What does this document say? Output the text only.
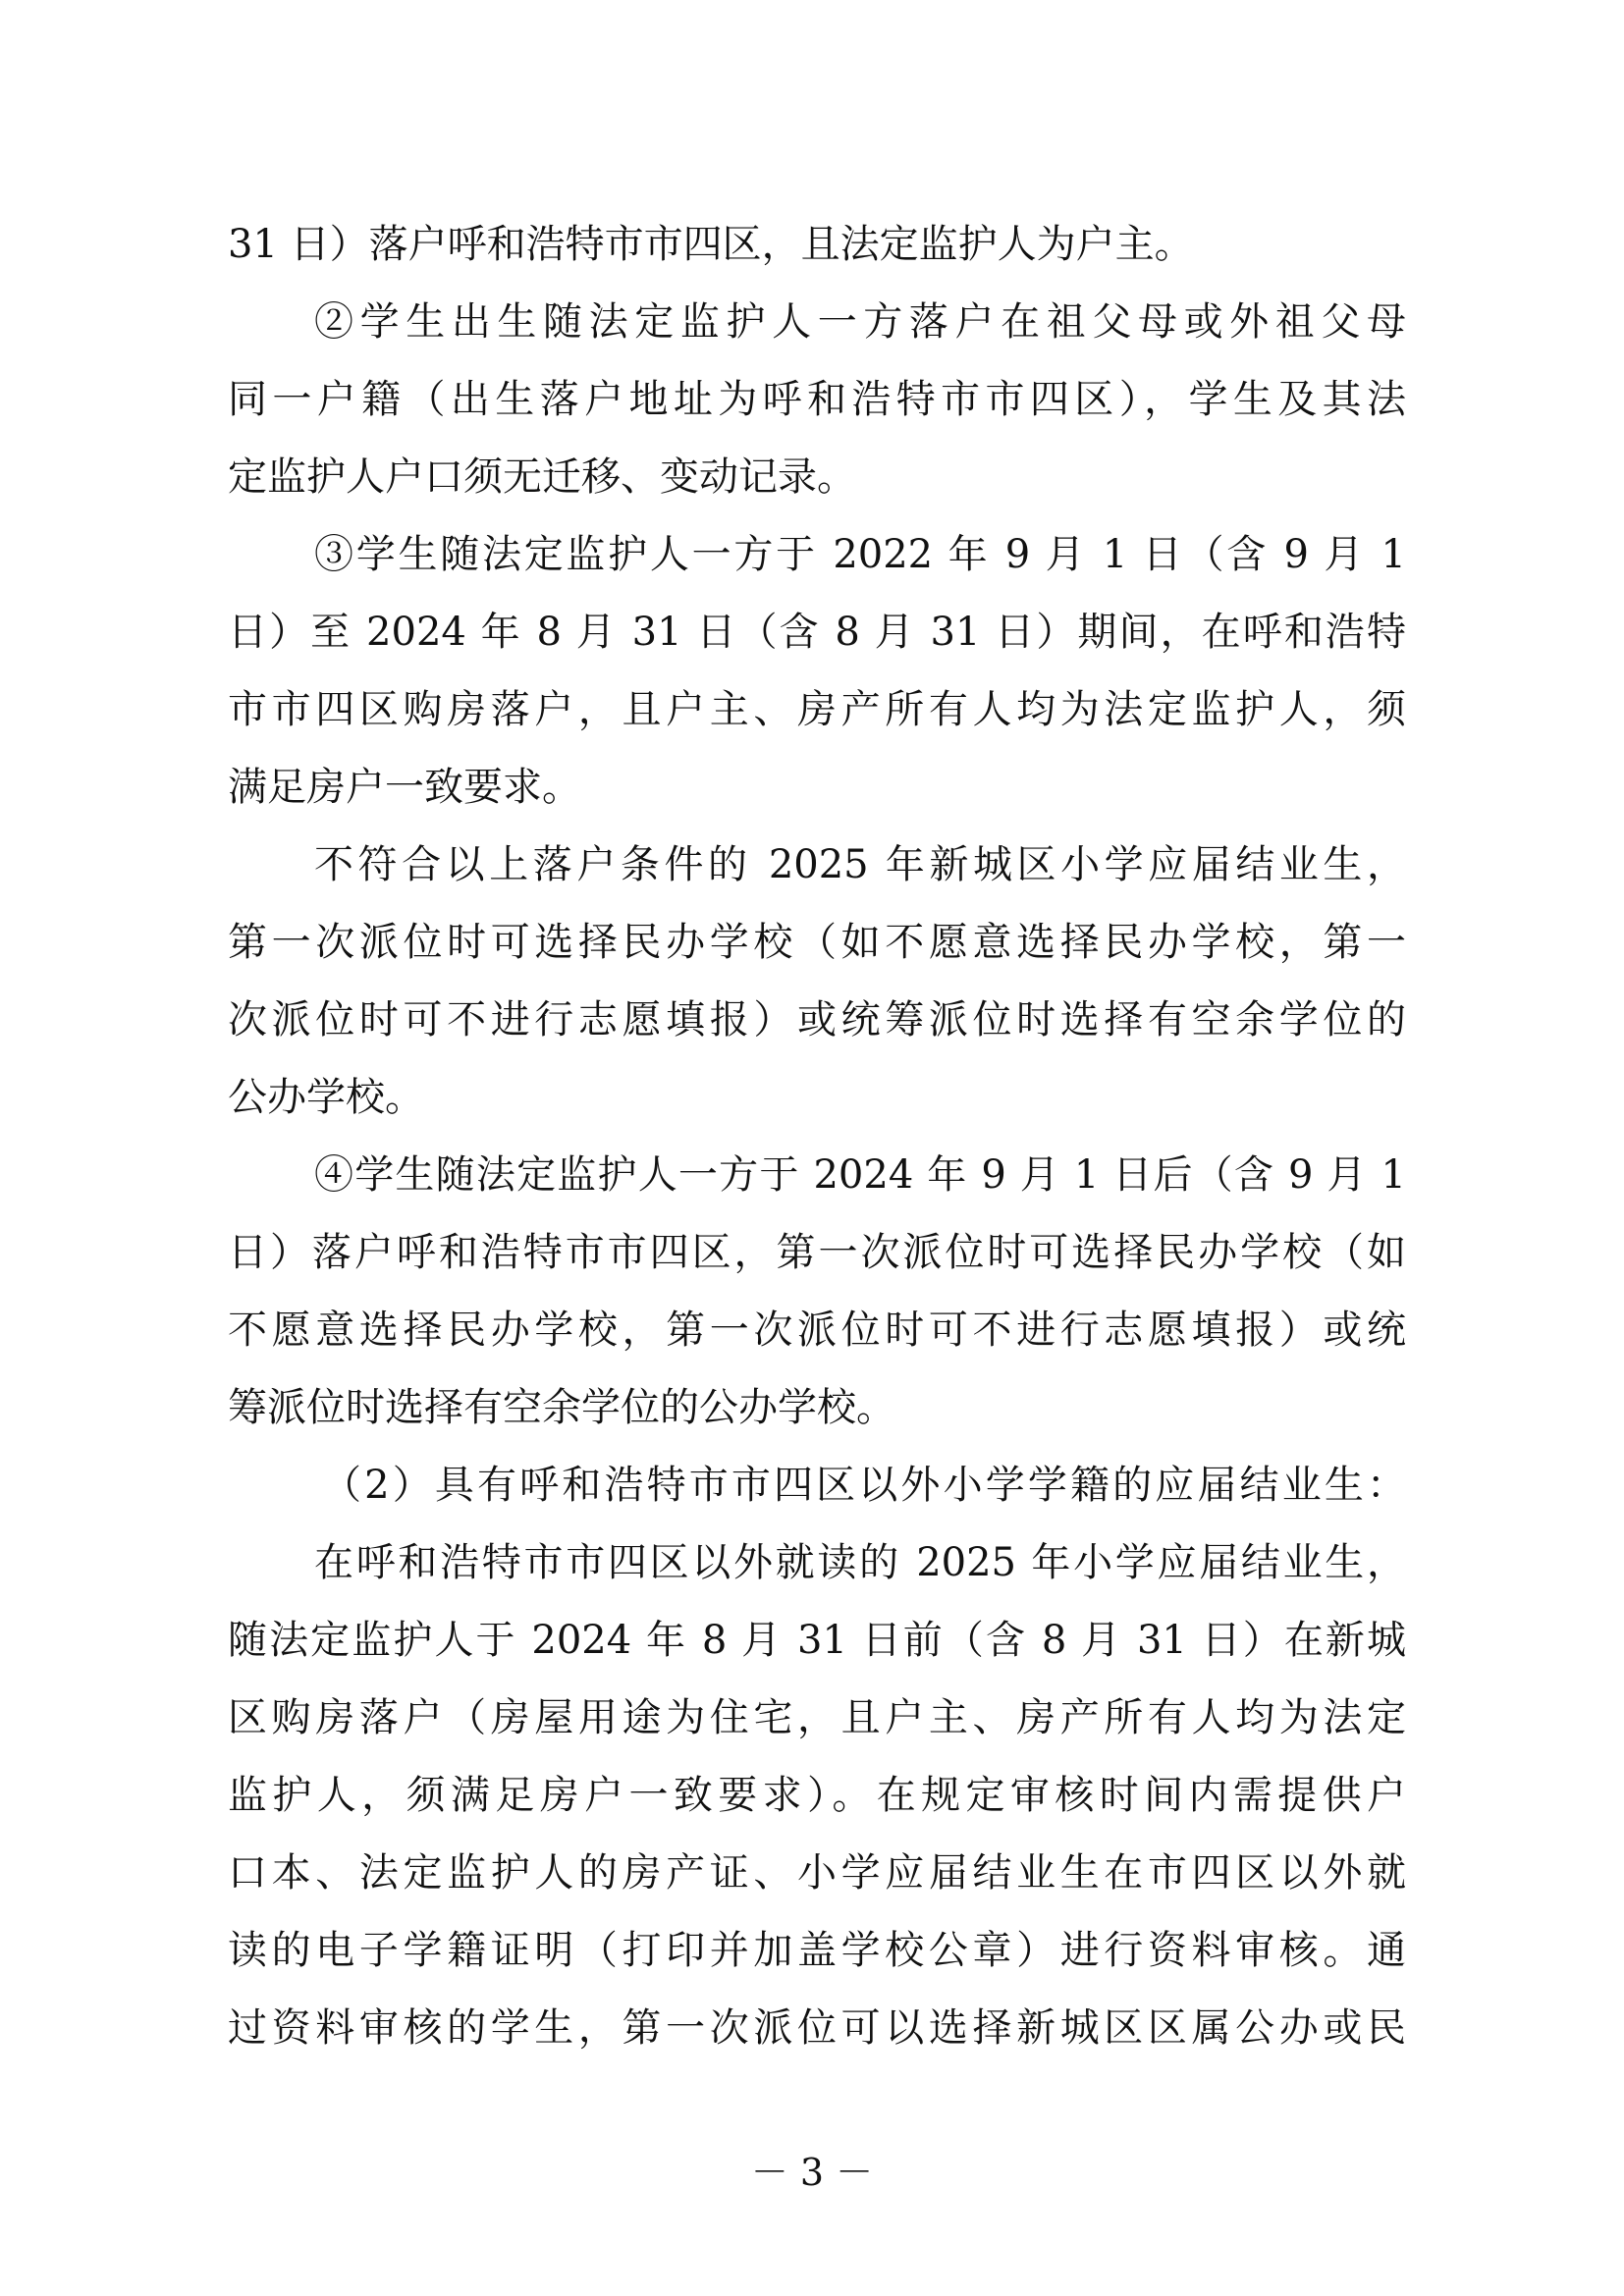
31 日）落户呼和浩特市市四区，且法定监护人为户主。
②学生出生随法定监护人一方落户在祖父母或外祖父母
同一户籍（出生落户地址为呼和浩特市市四区），学生及其法
定监护人户口须无迁移、变动记录。
③学生随法定监护人一方于 2022 年 9 月 1 日（含 9 月 1
日）至 2024 年 8 月 31 日（含 8 月 31 日）期间，在呼和浩特
市市四区购房落户，且户主、房产所有人均为法定监护人，须
满足房户一致要求。
不符合以上落户条件的 2025 年新城区小学应届结业生，
第一次派位时可选择民办学校（如不愿意选择民办学校，第一
次派位时可不进行志愿填报）或统筹派位时选择有空余学位的
公办学校。
④学生随法定监护人一方于 2024 年 9 月 1 日后（含 9 月 1
日）落户呼和浩特市市四区，第一次派位时可选择民办学校（如
不愿意选择民办学校，第一次派位时可不进行志愿填报）或统
筹派位时选择有空余学位的公办学校。
（2）具有呼和浩特市市四区以外小学学籍的应届结业生：
在呼和浩特市市四区以外就读的 2025 年小学应届结业生，
随法定监护人于 2024 年 8 月 31 日前（含 8 月 31 日）在新城
区购房落户（房屋用途为住宅，且户主、房产所有人均为法定
监护人，须满足房户一致要求）。在规定审核时间内需提供户
口本、法定监护人的房产证、小学应届结业生在市四区以外就
读的电子学籍证明（打印并加盖学校公章）进行资料审核。通
过资料审核的学生，第一次派位可以选择新城区区属公办或民
－ 3 －
